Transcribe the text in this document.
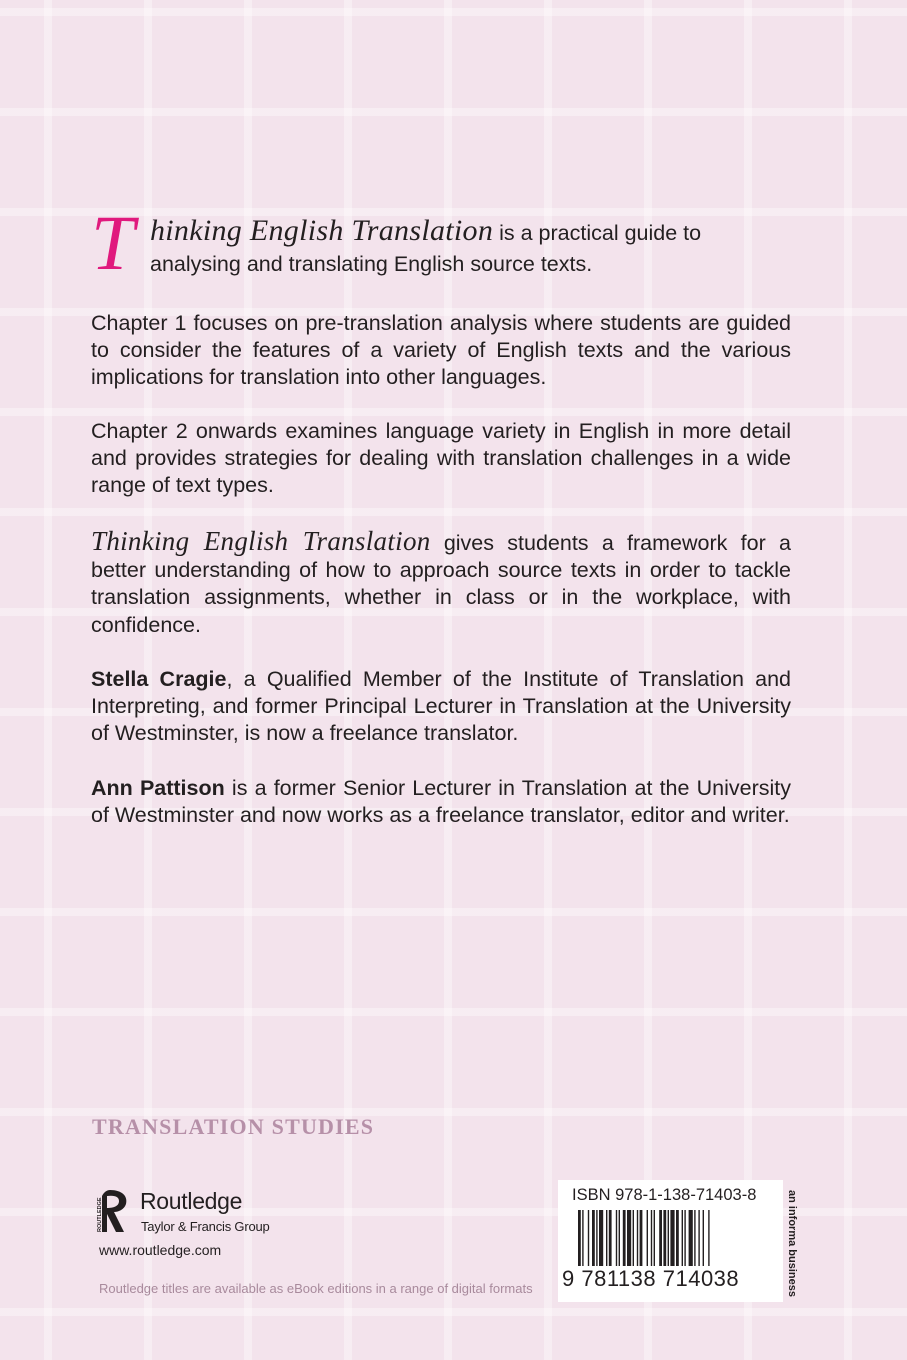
T hinking English Translation is a practical guide to
analysing and translating English source texts.

Chapter 1 focuses on pre-translation analysis where students are guided to consider the features of a variety of English texts and the various implications for translation into other languages.

Chapter 2 onwards examines language variety in English in more detail and provides strategies for dealing with translation challenges in a wide range of text types.

Thinking English Translation gives students a framework for a better understanding of how to approach source texts in order to tackle translation assignments, whether in class or in the workplace, with confidence.

Stella Cragie, a Qualified Member of the Institute of Translation and Interpreting, and former Principal Lecturer in Translation at the University of Westminster, is now a freelance translator.

Ann Pattison is a former Senior Lecturer in Translation at the University of Westminster and now works as a freelance translator, editor and writer.

TRANSLATION STUDIES
ROUTLEDGE Routledge
Taylor & Francis Group
www.routledge.com
Routledge titles are available as eBook editions in a range of digital formats
ISBN 978-1-138-71403-8
9 781138 714038	an informa business
